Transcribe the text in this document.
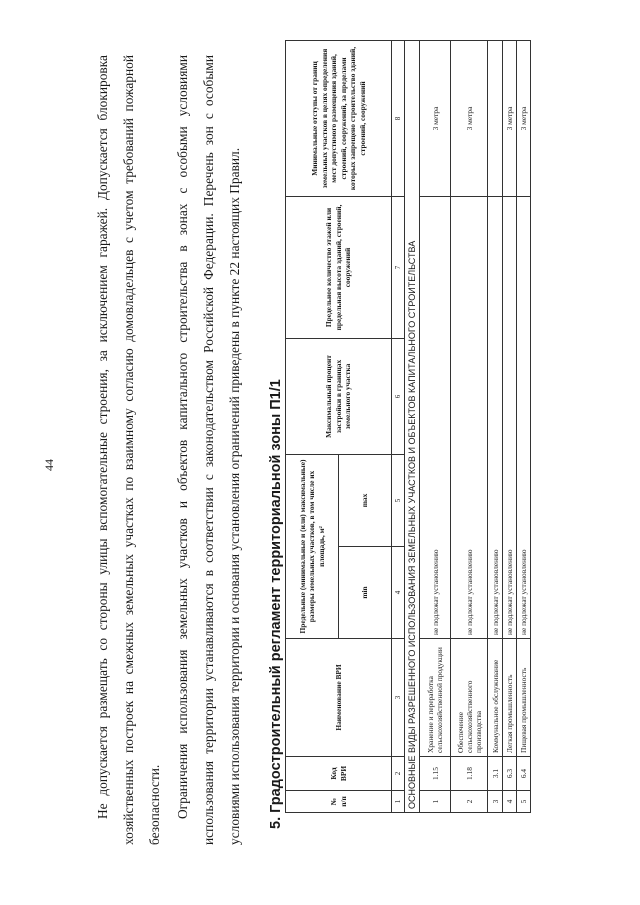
44	Не допускается размещать со стороны улицы вспомогательные строения, за исключением гаражей. Допускается блокировка хозяйственных построек на смежных земельных участках по взаимному согласию домовладельцев с учетом требований пожарной безопасности. Ограничения использования земельных участков и объектов капитального строительства в зонах с особыми условиями использования территории устанавливаются в соответствии с законодательством Российской Федерации. Перечень зон с особыми условиями использования территории и основания установления ограничений приведены в пункте 22 настоящих Правил.	5. Градостроительный регламент территориальной зоны П1/1	№ п/п	Код ВРИ	Наименование ВРИ	Предельные (минимальные и (или) максимальные) размеры земельных участков, в том числе их площадь, м²		Максимальный процент застройки в границах земельного участка	Предельное количество этажей или предельная высота зданий, строений, сооружений	Минимальные отступы от границ земельных участков в целях определения мест допустимого размещения зданий, строений, сооружений, за пределами которых запрещено строительство зданий, строений, сооружений
			min	max			
1	2	3	4	5	6	7	8
ОСНОВНЫЕ ВИДЫ РАЗРЕШЕННОГО ИСПОЛЬЗОВАНИЯ ЗЕМЕЛЬНЫХ УЧАСТКОВ И ОБЪЕКТОВ КАПИТАЛЬНОГО СТРОИТЕЛЬСТВА							
1	1.15	Хранение и переработка сельскохозяйственной продукции	не подлежат установлению				3 метра
2	1.18	Обеспечение сельскохозяйственного производства	не подлежат установлению				3 метра
3	3.1	Коммунальное обслуживание	не подлежат установлению				
4	6.3	Легкая промышленность	не подлежат установлению				3 метра
5	6.4	Пищевая промышленность	не подлежат установлению				3 метра
